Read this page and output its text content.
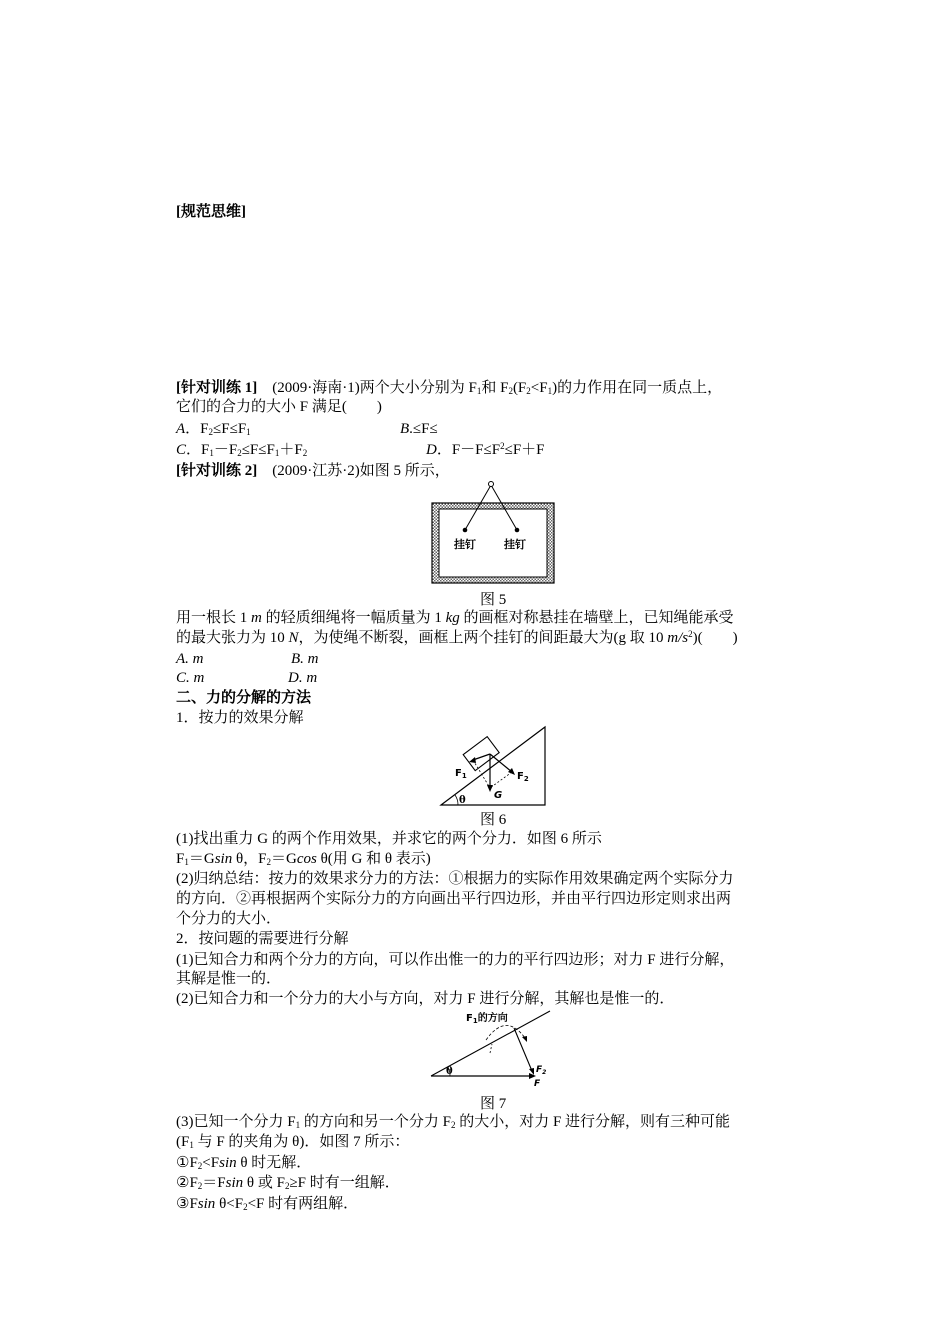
[规范思维]
[针对训练 1]　 (2009·海南·1)两个大小分别为 $F_1$和 $F_2(F_2<F_1)$的力作用在同一质点上，
它们的合力的大小 F 满足(　　)
A．$F_2\le F\le F_1$	B.≤F≤
C．$F_1-F_2\le F\le F_1+F_2$	D．$F-F\le F^2\le F+F$
[针对训练 2]　 (2009·江苏·2)如图 5 所示，
挂钉	挂钉
图 5
用一根长 1 m 的轻质细绳将一幅质量为 1 kg 的画框对称悬挂在墙壁上，已知绳能承受
的最大张力为 10 N，为使绳不断裂，画框上两个挂钉的间距最大为(g 取 10 $m/s^2$)(　　)
A. m	B. m
C. m	D. m
二、力的分解的方法
1．按力的效果分解
$F_1$	$F_2$
G
θ
图 6
(1)找出重力 G 的两个作用效果，并求它的两个分力．如图 6 所示
$F_1=Gsin$ θ，$F_2=Gcos$ θ(用 G 和 θ 表示)
(2)归纳总结：按力的效果求分力的方法：①根据力的实际作用效果确定两个实际分力
的方向．②再根据两个实际分力的方向画出平行四边形，并由平行四边形定则求出两
个分力的大小．
2．按问题的需要进行分解
(1)已知合力和两个分力的方向，可以作出惟一的力的平行四边形；对力 F 进行分解，
其解是惟一的．
(2)已知合力和一个分力的大小与方向，对力 F 进行分解，其解也是惟一的．
$F_1$的方向
$F_2$
F
θ
图 7
(3)已知一个分力 $F_1$ 的方向和另一个分力 $F_2$ 的大小，对力 F 进行分解，则有三种可能
($F_1$ 与 F 的夹角为 θ)．如图 7 所示：
$①F_2<Fsin$ θ 时无解．
$②F_2=Fsin$ θ 或 $F_2\ge F$ 时有一组解．
③Fsin $\theta<F_2<F$ 时有两组解．
